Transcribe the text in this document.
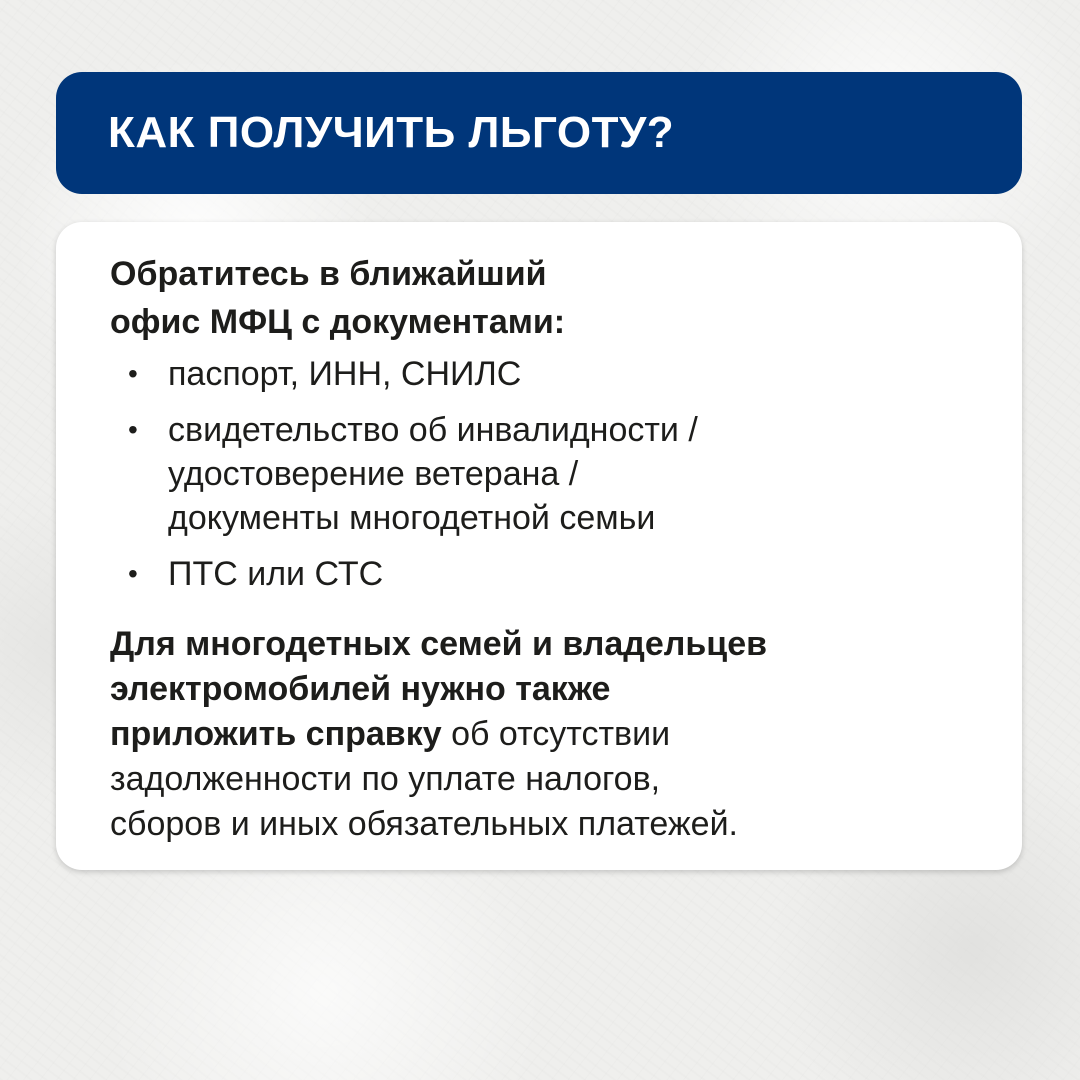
КАК ПОЛУЧИТЬ ЛЬГОТУ?

Обратитесь в ближайший
офис МФЦ с документами:

• паспорт, ИНН, СНИЛС
• свидетельство об инвалидности /
удостоверение ветерана /
документы многодетной семьи
• ПТС или СТС

Для многодетных семей и владельцев
электромобилей нужно также
приложить справку об отсутствии
задолженности по уплате налогов,
сборов и иных обязательных платежей.
